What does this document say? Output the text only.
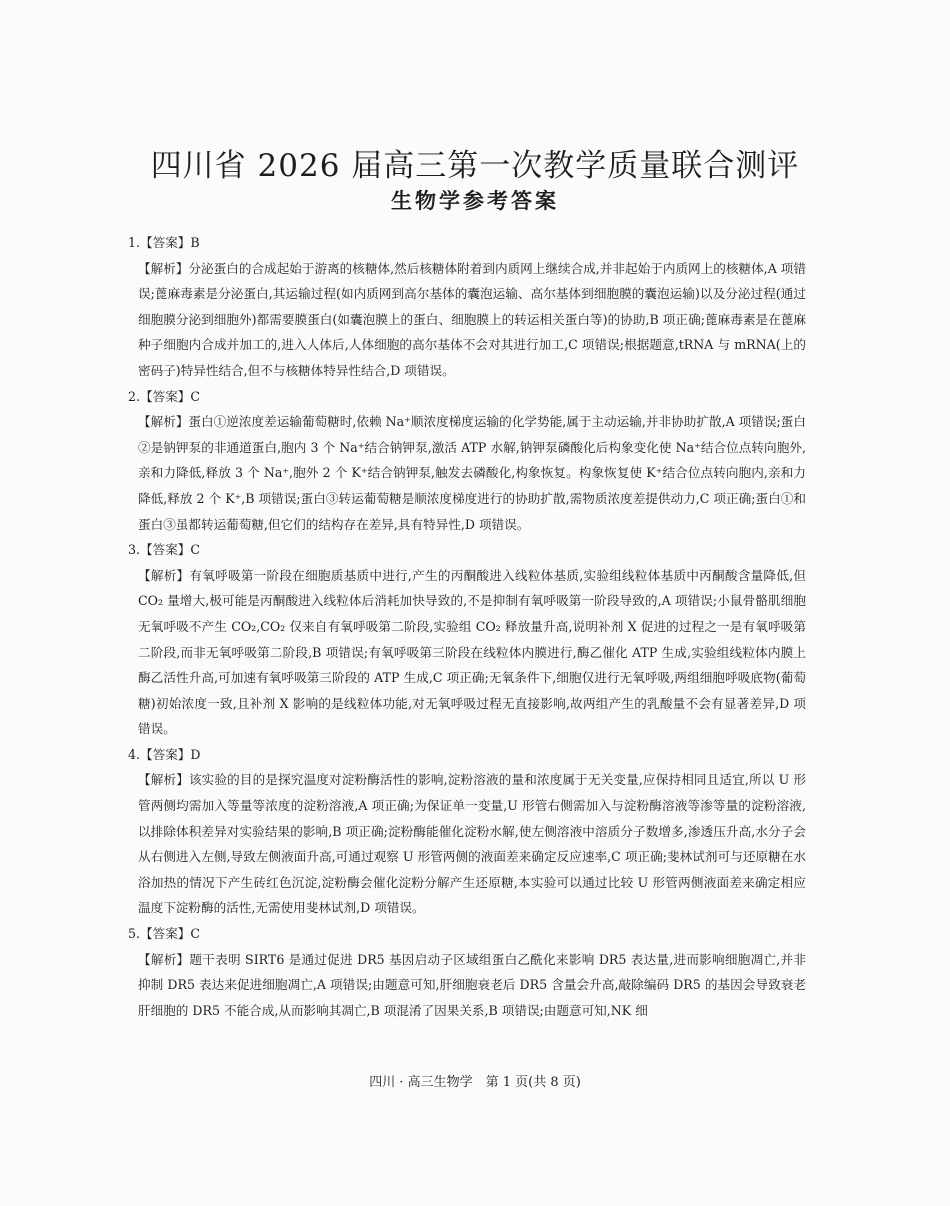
四川省 2026 届高三第一次教学质量联合测评
生物学参考答案

1.【答案】B

【解析】分泌蛋白的合成起始于游离的核糖体,然后核糖体附着到内质网上继续合成,并非起始于内质网上的核糖体,A 项错误;蓖麻毒素是分泌蛋白,其运输过程(如内质网到高尔基体的囊泡运输、高尔基体到细胞膜的囊泡运输)以及分泌过程(通过细胞膜分泌到细胞外)都需要膜蛋白(如囊泡膜上的蛋白、细胞膜上的转运相关蛋白等)的协助,B 项正确;蓖麻毒素是在蓖麻种子细胞内合成并加工的,进入人体后,人体细胞的高尔基体不会对其进行加工,C 项错误;根据题意,tRNA 与 mRNA(上的密码子)特异性结合,但不与核糖体特异性结合,D 项错误。

2.【答案】C

【解析】蛋白①逆浓度差运输葡萄糖时,依赖 Na⁺顺浓度梯度运输的化学势能,属于主动运输,并非协助扩散,A 项错误;蛋白②是钠钾泵的非通道蛋白,胞内 3 个 Na⁺结合钠钾泵,激活 ATP 水解,钠钾泵磷酸化后构象变化使 Na⁺结合位点转向胞外,亲和力降低,释放 3 个 Na⁺,胞外 2 个 K⁺结合钠钾泵,触发去磷酸化,构象恢复。构象恢复使 K⁺结合位点转向胞内,亲和力降低,释放 2 个 K⁺,B 项错误;蛋白③转运葡萄糖是顺浓度梯度进行的协助扩散,需物质浓度差提供动力,C 项正确;蛋白①和蛋白③虽都转运葡萄糖,但它们的结构存在差异,具有特异性,D 项错误。

3.【答案】C

【解析】有氧呼吸第一阶段在细胞质基质中进行,产生的丙酮酸进入线粒体基质,实验组线粒体基质中丙酮酸含量降低,但 CO₂ 量增大,极可能是丙酮酸进入线粒体后消耗加快导致的,不是抑制有氧呼吸第一阶段导致的,A 项错误;小鼠骨骼肌细胞无氧呼吸不产生 CO₂,CO₂ 仅来自有氧呼吸第二阶段,实验组 CO₂ 释放量升高,说明补剂 X 促进的过程之一是有氧呼吸第二阶段,而非无氧呼吸第二阶段,B 项错误;有氧呼吸第三阶段在线粒体内膜进行,酶乙催化 ATP 生成,实验组线粒体内膜上酶乙活性升高,可加速有氧呼吸第三阶段的 ATP 生成,C 项正确;无氧条件下,细胞仅进行无氧呼吸,两组细胞呼吸底物(葡萄糖)初始浓度一致,且补剂 X 影响的是线粒体功能,对无氧呼吸过程无直接影响,故两组产生的乳酸量不会有显著差异,D 项错误。

4.【答案】D

【解析】该实验的目的是探究温度对淀粉酶活性的影响,淀粉溶液的量和浓度属于无关变量,应保持相同且适宜,所以 U 形管两侧均需加入等量等浓度的淀粉溶液,A 项正确;为保证单一变量,U 形管右侧需加入与淀粉酶溶液等渗等量的淀粉溶液,以排除体积差异对实验结果的影响,B 项正确;淀粉酶能催化淀粉水解,使左侧溶液中溶质分子数增多,渗透压升高,水分子会从右侧进入左侧,导致左侧液面升高,可通过观察 U 形管两侧的液面差来确定反应速率,C 项正确;斐林试剂可与还原糖在水浴加热的情况下产生砖红色沉淀,淀粉酶会催化淀粉分解产生还原糖,本实验可以通过比较 U 形管两侧液面差来确定相应温度下淀粉酶的活性,无需使用斐林试剂,D 项错误。

5.【答案】C

【解析】题干表明 SIRT6 是通过促进 DR5 基因启动子区域组蛋白乙酰化来影响 DR5 表达量,进而影响细胞凋亡,并非抑制 DR5 表达来促进细胞凋亡,A 项错误;由题意可知,肝细胞衰老后 DR5 含量会升高,敲除编码 DR5 的基因会导致衰老肝细胞的 DR5 不能合成,从而影响其凋亡,B 项混淆了因果关系,B 项错误;由题意可知,NK 细

四川 · 高三生物学　第 1 页(共 8 页)
